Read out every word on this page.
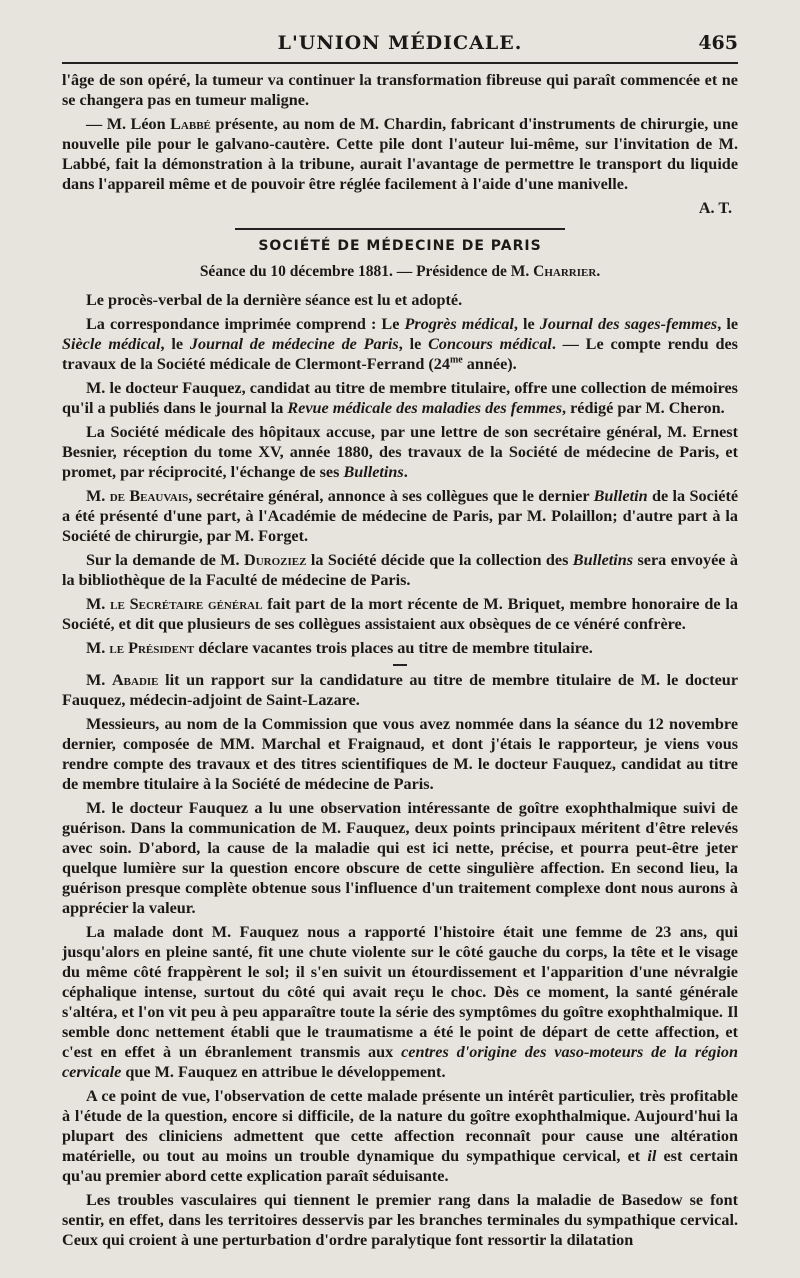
L'UNION MÉDICALE.	465

l'âge de son opéré, la tumeur va continuer la transformation fibreuse qui paraît commencée et ne se changera pas en tumeur maligne.

— M. Léon Labbé présente, au nom de M. Chardin, fabricant d'instruments de chirurgie, une nouvelle pile pour le galvano-cautère. Cette pile dont l'auteur lui-même, sur l'invitation de M. Labbé, fait la démonstration à la tribune, aurait l'avantage de permettre le transport du liquide dans l'appareil même et de pouvoir être réglée facilement à l'aide d'une manivelle.

A. T.
SOCIÉTÉ DE MÉDECINE DE PARIS
Séance du 10 décembre 1881. — Présidence de M. Charrier.

Le procès-verbal de la dernière séance est lu et adopté.

La correspondance imprimée comprend : Le Progrès médical, le Journal des sages-femmes, le Siècle médical, le Journal de médecine de Paris, le Concours médical. — Le compte rendu des travaux de la Société médicale de Clermont-Ferrand ($24^{me}$ année).

M. le docteur Fauquez, candidat au titre de membre titulaire, offre une collection de mémoires qu'il a publiés dans le journal la Revue médicale des maladies des femmes, rédigé par M. Cheron.

La Société médicale des hôpitaux accuse, par une lettre de son secrétaire général, M. Ernest Besnier, réception du tome XV, année 1880, des travaux de la Société de médecine de Paris, et promet, par réciprocité, l'échange de ses Bulletins.

M. de Beauvais, secrétaire général, annonce à ses collègues que le dernier Bulletin de la Société a été présenté d'une part, à l'Académie de médecine de Paris, par M. Polaillon; d'autre part à la Société de chirurgie, par M. Forget.

Sur la demande de M. Duroziez la Société décide que la collection des Bulletins sera envoyée à la bibliothèque de la Faculté de médecine de Paris.

M. le Secrétaire général fait part de la mort récente de M. Briquet, membre honoraire de la Société, et dit que plusieurs de ses collègues assistaient aux obsèques de ce vénéré confrère.

M. le Président déclare vacantes trois places au titre de membre titulaire.

M. Abadie lit un rapport sur la candidature au titre de membre titulaire de M. le docteur Fauquez, médecin-adjoint de Saint-Lazare.

Messieurs, au nom de la Commission que vous avez nommée dans la séance du 12 novembre dernier, composée de MM. Marchal et Fraignaud, et dont j'étais le rapporteur, je viens vous rendre compte des travaux et des titres scientifiques de M. le docteur Fauquez, candidat au titre de membre titulaire à la Société de médecine de Paris.

M. le docteur Fauquez a lu une observation intéressante de goître exophthalmique suivi de guérison. Dans la communication de M. Fauquez, deux points principaux méritent d'être relevés avec soin. D'abord, la cause de la maladie qui est ici nette, précise, et pourra peut-être jeter quelque lumière sur la question encore obscure de cette singulière affection. En second lieu, la guérison presque complète obtenue sous l'influence d'un traitement complexe dont nous aurons à apprécier la valeur.

La malade dont M. Fauquez nous a rapporté l'histoire était une femme de 23 ans, qui jusqu'alors en pleine santé, fit une chute violente sur le côté gauche du corps, la tête et le visage du même côté frappèrent le sol; il s'en suivit un étourdissement et l'apparition d'une névralgie céphalique intense, surtout du côté qui avait reçu le choc. Dès ce moment, la santé générale s'altéra, et l'on vit peu à peu apparaître toute la série des symptômes du goître exophthalmique. Il semble donc nettement établi que le traumatisme a été le point de départ de cette affection, et c'est en effet à un ébranlement transmis aux centres d'origine des vaso-moteurs de la région cervicale que M. Fauquez en attribue le développement.

A ce point de vue, l'observation de cette malade présente un intérêt particulier, très profitable à l'étude de la question, encore si difficile, de la nature du goître exophthalmique. Aujourd'hui la plupart des cliniciens admettent que cette affection reconnaît pour cause une altération matérielle, ou tout au moins un trouble dynamique du sympathique cervical, et il est certain qu'au premier abord cette explication paraît séduisante.

Les troubles vasculaires qui tiennent le premier rang dans la maladie de Basedow se font sentir, en effet, dans les territoires desservis par les branches terminales du sympathique cervical. Ceux qui croient à une perturbation d'ordre paralytique font ressortir la dilatation
